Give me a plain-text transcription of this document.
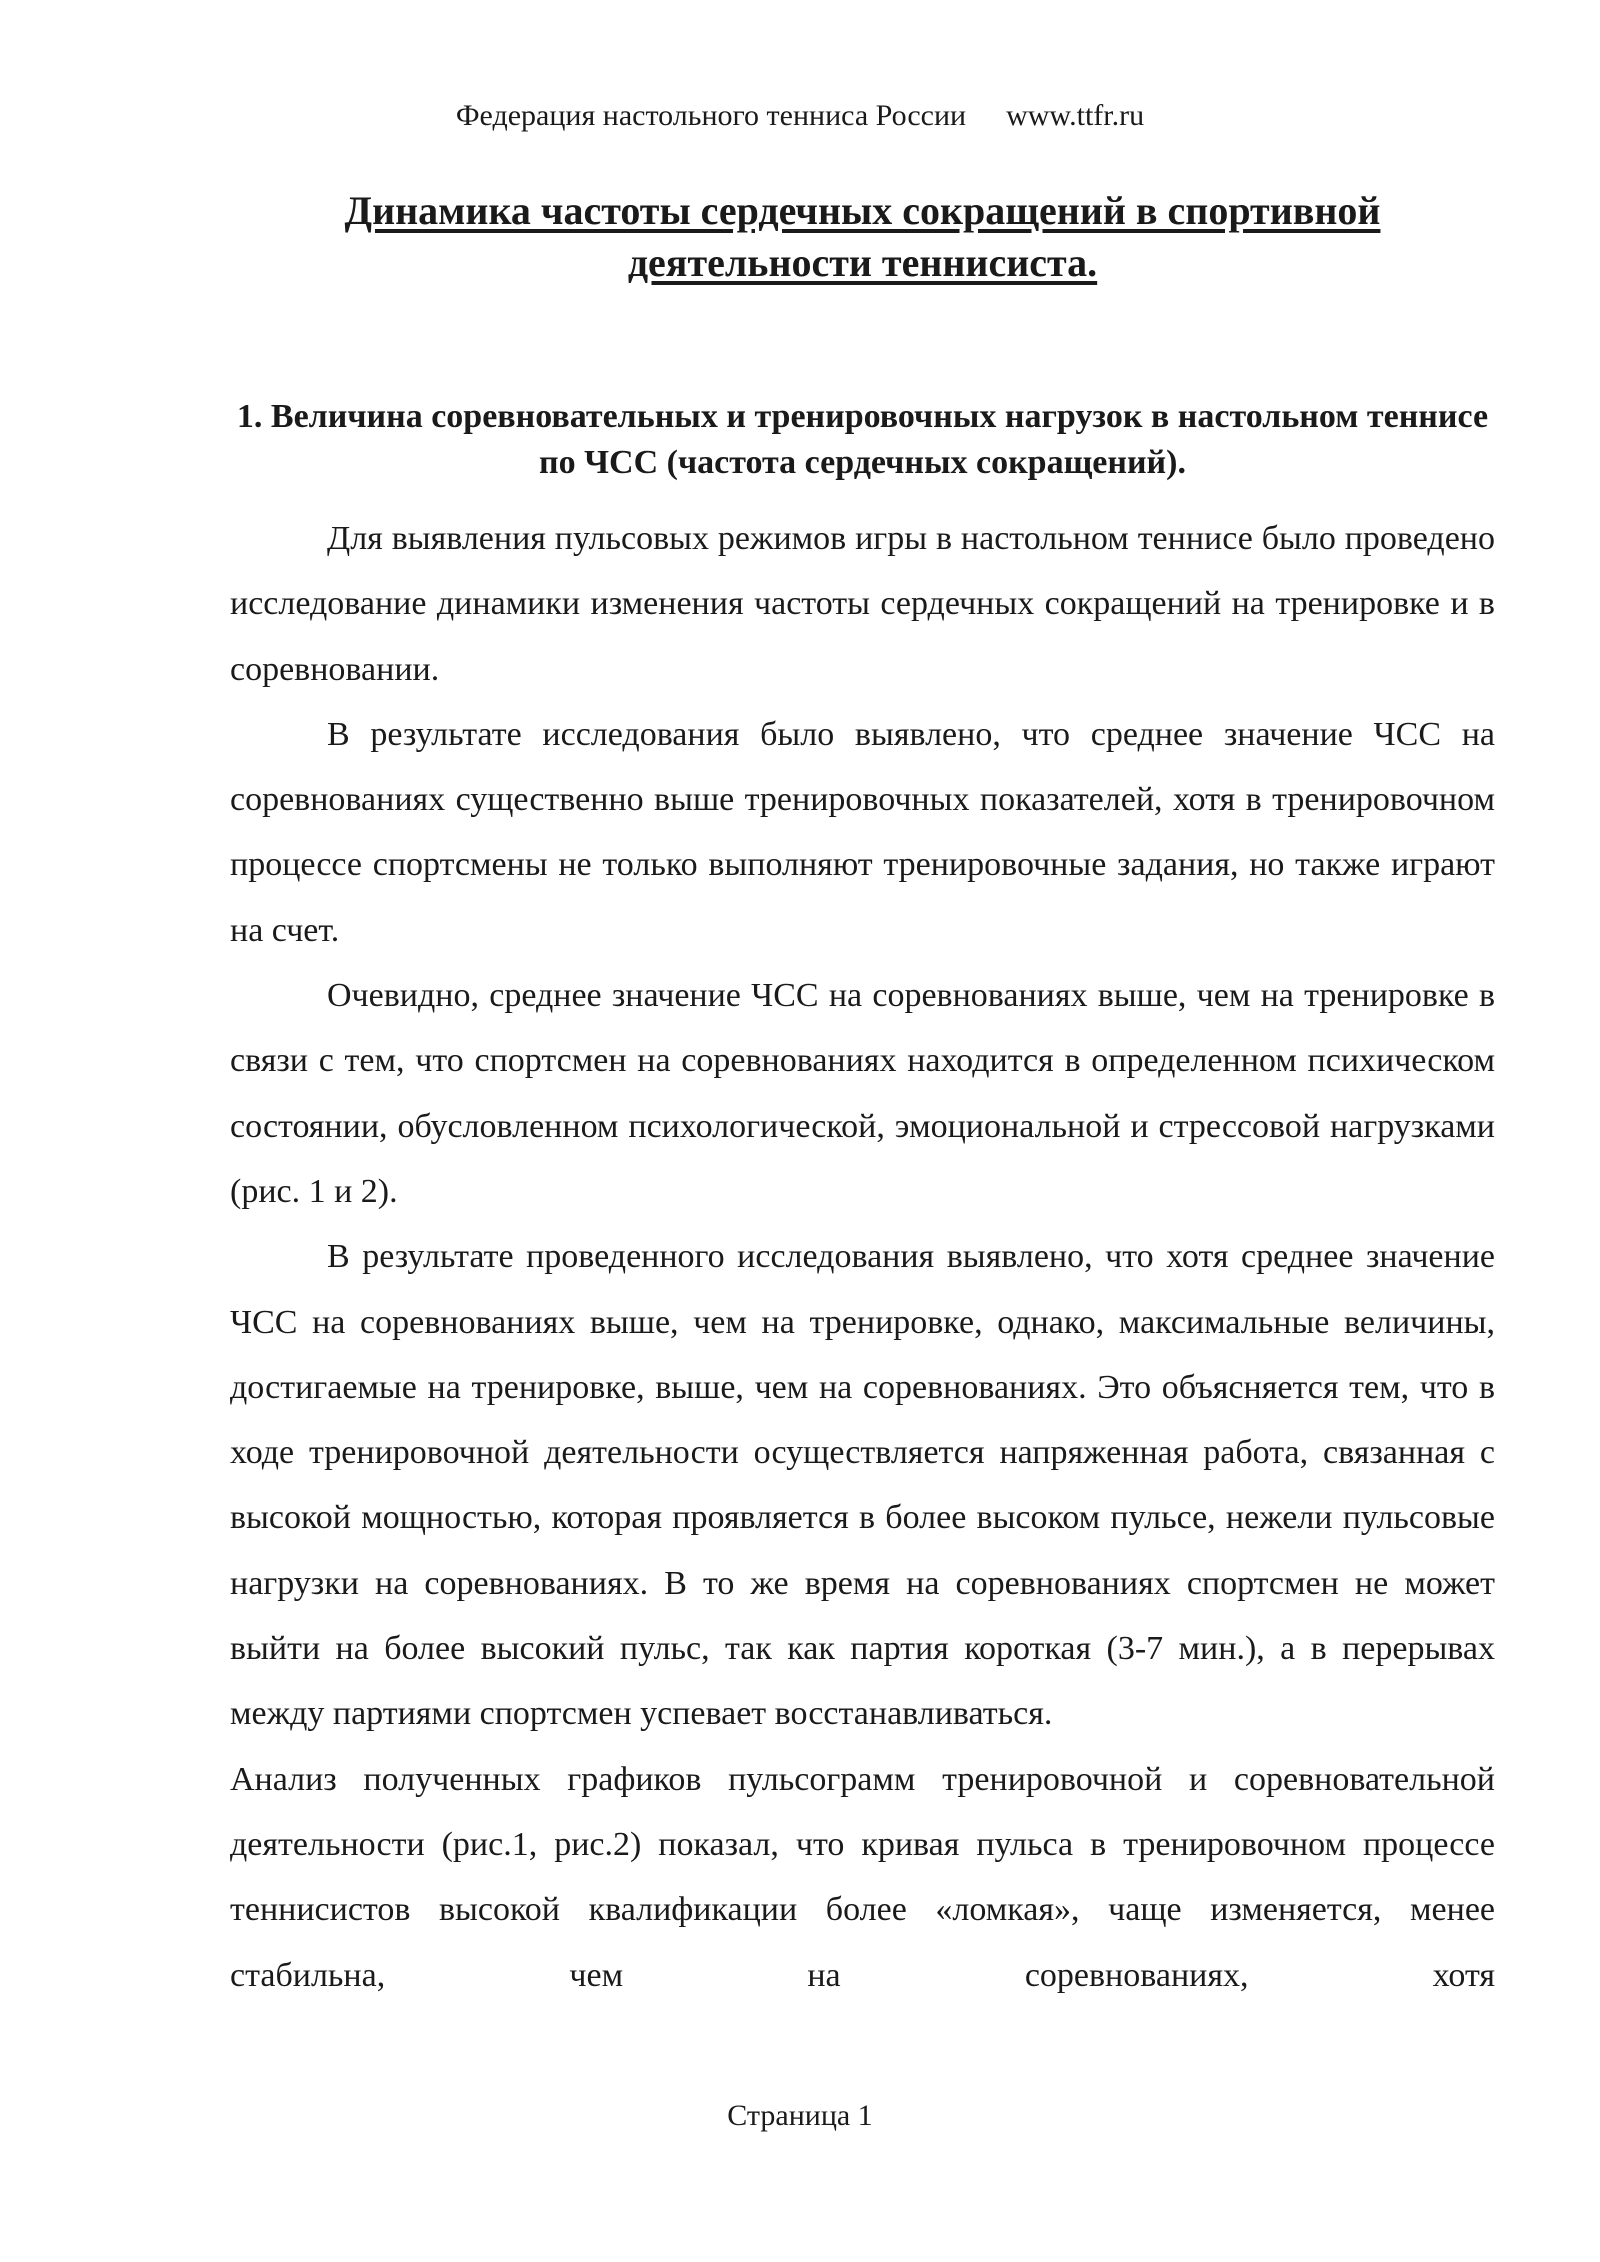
Федерация настольного тенниса России www.ttfr.ru
Динамика частоты сердечных сокращений в спортивной деятельности теннисиста.
1. Величина соревновательных и тренировочных нагрузок в настольном теннисе по ЧСС (частота сердечных сокращений).

Для выявления пульсовых режимов игры в настольном теннисе было проведено исследование динамики изменения частоты сердечных сокращений на тренировке и в соревновании.

В результате исследования было выявлено, что среднее значение ЧСС на соревнованиях существенно выше тренировочных показателей, хотя в тренировочном процессе спортсмены не только выполняют тренировочные задания, но также играют на счет.

Очевидно, среднее значение ЧСС на соревнованиях выше, чем на тренировке в связи с тем, что спортсмен на соревнованиях находится в определенном психическом состоянии, обусловленном психологической, эмоциональной и стрессовой нагрузками (рис. 1 и 2).

В результате проведенного исследования выявлено, что хотя среднее значение ЧСС на соревнованиях выше, чем на тренировке, однако, максимальные величины, достигаемые на тренировке, выше, чем на соревнованиях. Это объясняется тем, что в ходе тренировочной деятельности осуществляется напряженная работа, связанная с высокой мощностью, которая проявляется в более высоком пульсе, нежели пульсовые нагрузки на соревнованиях. В то же время на соревнованиях спортсмен не может выйти на более высокий пульс, так как партия короткая (3-7 мин.), а в перерывах между партиями спортсмен успевает восстанавливаться.

Анализ полученных графиков пульсограмм тренировочной и соревновательной деятельности (рис.1, рис.2) показал, что кривая пульса в тренировочном процессе теннисистов высокой квалификации более «ломкая», чаще изменяется, менее стабильна, чем на соревнованиях, хотя

Страница 1
